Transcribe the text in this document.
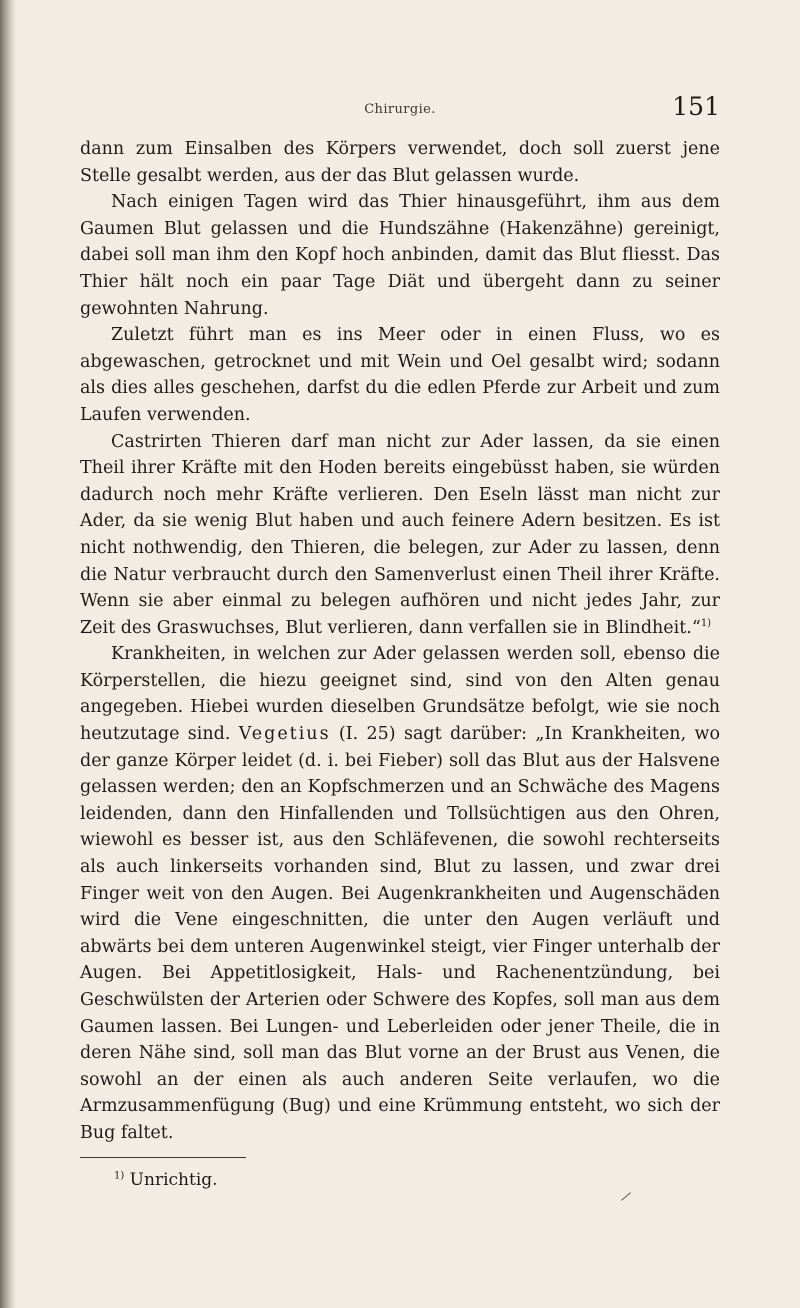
Chirurgie.	151

dann zum Einsalben des Körpers verwendet, doch soll zuerst jene Stelle gesalbt werden, aus der das Blut gelassen wurde.

Nach einigen Tagen wird das Thier hinausgeführt, ihm aus dem Gaumen Blut gelassen und die Hundszähne (Hakenzähne) gereinigt, dabei soll man ihm den Kopf hoch anbinden, damit das Blut fliesst. Das Thier hält noch ein paar Tage Diät und übergeht dann zu seiner gewohnten Nahrung.

Zuletzt führt man es ins Meer oder in einen Fluss, wo es abgewaschen, getrocknet und mit Wein und Oel gesalbt wird; sodann als dies alles geschehen, darfst du die edlen Pferde zur Arbeit und zum Laufen verwenden.

Castrirten Thieren darf man nicht zur Ader lassen, da sie einen Theil ihrer Kräfte mit den Hoden bereits eingebüsst haben, sie würden dadurch noch mehr Kräfte verlieren. Den Eseln lässt man nicht zur Ader, da sie wenig Blut haben und auch feinere Adern besitzen. Es ist nicht nothwendig, den Thieren, die belegen, zur Ader zu lassen, denn die Natur verbraucht durch den Samenverlust einen Theil ihrer Kräfte. Wenn sie aber einmal zu belegen aufhören und nicht jedes Jahr, zur Zeit des Graswuchses, Blut verlieren, dann verfallen sie in Blindheit.“$^{1)}$

Krankheiten, in welchen zur Ader gelassen werden soll, ebenso die Körperstellen, die hiezu geeignet sind, sind von den Alten genau angegeben. Hiebei wurden dieselben Grundsätze befolgt, wie sie noch heutzutage sind. Vegetius (I. 25) sagt darüber: „In Krankheiten, wo der ganze Körper leidet (d. i. bei Fieber) soll das Blut aus der Halsvene gelassen werden; den an Kopfschmerzen und an Schwäche des Magens leidenden, dann den Hinfallenden und Tollsüchtigen aus den Ohren, wiewohl es besser ist, aus den Schläfevenen, die sowohl rechterseits als auch linkerseits vorhanden sind, Blut zu lassen, und zwar drei Finger weit von den Augen. Bei Augenkrankheiten und Augenschäden wird die Vene eingeschnitten, die unter den Augen verläuft und abwärts bei dem unteren Augenwinkel steigt, vier Finger unterhalb der Augen. Bei Appetitlosigkeit, Hals- und Rachenentzündung, bei Geschwülsten der Arterien oder Schwere des Kopfes, soll man aus dem Gaumen lassen. Bei Lungen- und Leberleiden oder jener Theile, die in deren Nähe sind, soll man das Blut vorne an der Brust aus Venen, die sowohl an der einen als auch anderen Seite verlaufen, wo die Armzusammenfügung (Bug) und eine Krümmung entsteht, wo sich der Bug faltet.

$^{1)}$ Unrichtig.
